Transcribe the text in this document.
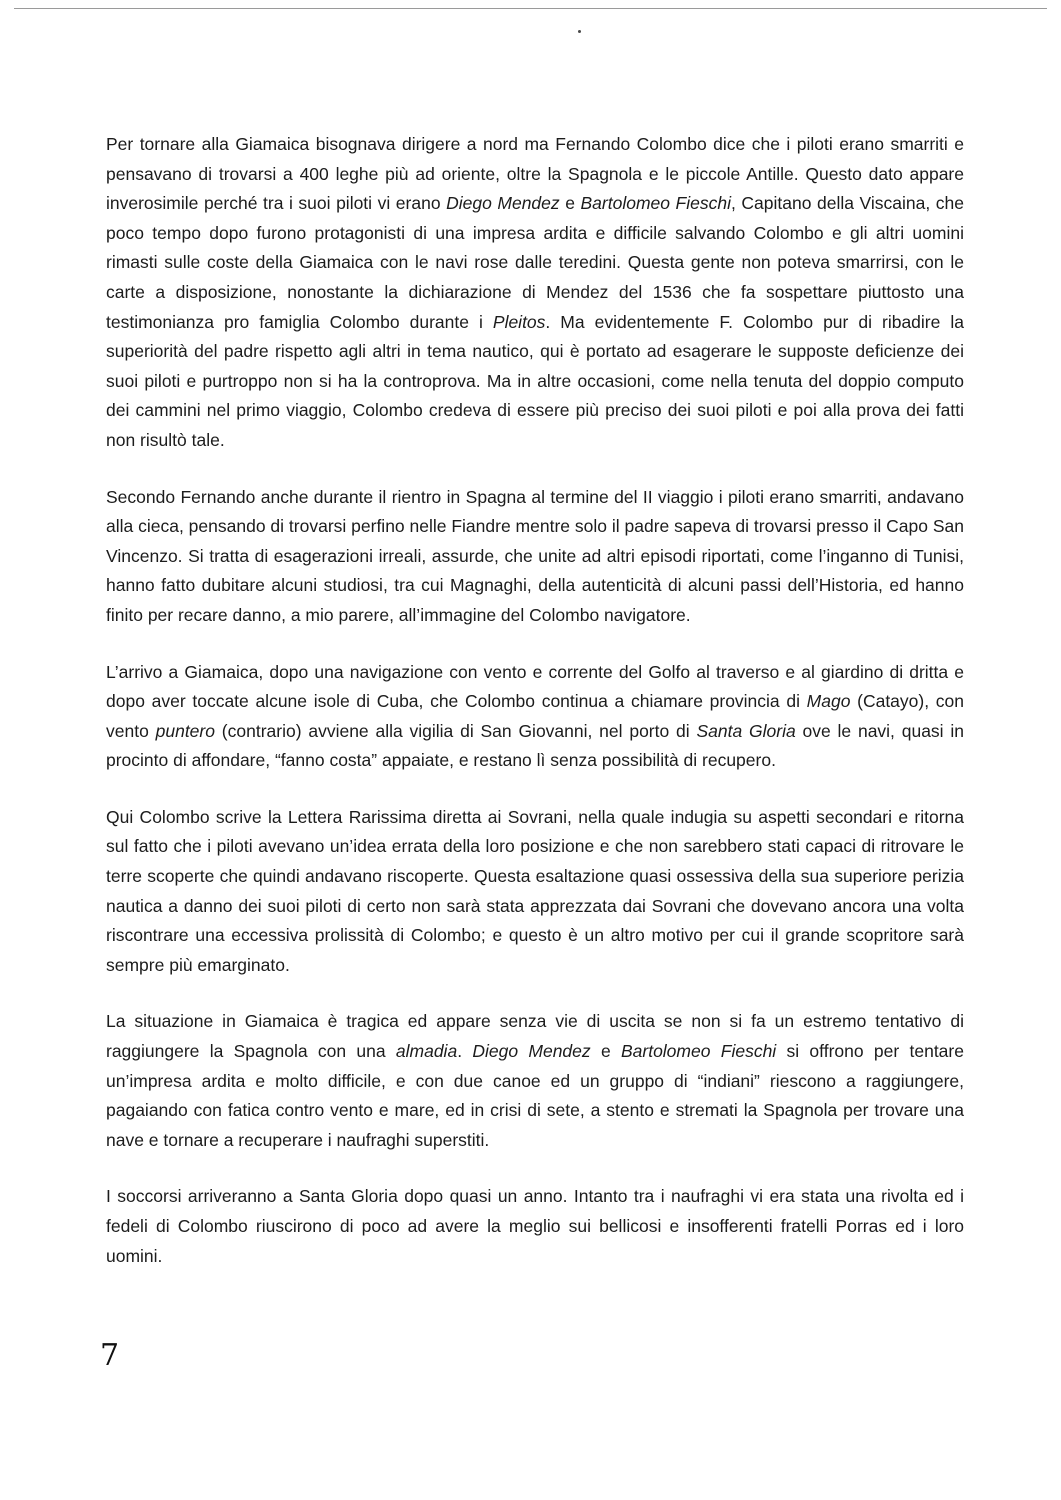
Per tornare alla Giamaica bisognava dirigere a nord ma Fernando Colombo dice che i piloti erano smarriti e pensavano di trovarsi a 400 leghe più ad oriente, oltre la Spagnola e le piccole Antille. Questo dato appare inverosimile perché tra i suoi piloti vi erano Diego Mendez e Bartolomeo Fieschi, Capitano della Viscaina, che poco tempo dopo furono protagonisti di una impresa ardita e difficile salvando Colombo e gli altri uomini rimasti sulle coste della Giamaica con le navi rose dalle teredini. Questa gente non poteva smarrirsi, con le carte a disposizione, nonostante la dichiarazione di Mendez del 1536 che fa sospettare piuttosto una testimonianza pro famiglia Colombo durante i Pleitos. Ma evidentemente F. Colombo pur di ribadire la superiorità del padre rispetto agli altri in tema nautico, qui è portato ad esagerare le supposte deficienze dei suoi piloti e purtroppo non si ha la controprova. Ma in altre occasioni, come nella tenuta del doppio computo dei cammini nel primo viaggio, Colombo credeva di essere più preciso dei suoi piloti e poi alla prova dei fatti non risultò tale.

Secondo Fernando anche durante il rientro in Spagna al termine del II viaggio i piloti erano smarriti, andavano alla cieca, pensando di trovarsi perfino nelle Fiandre mentre solo il padre sapeva di trovarsi presso il Capo San Vincenzo. Si tratta di esagerazioni irreali, assurde, che unite ad altri episodi riportati, come l’inganno di Tunisi, hanno fatto dubitare alcuni studiosi, tra cui Magnaghi, della autenticità di alcuni passi dell’Historia, ed hanno finito per recare danno, a mio parere, all’immagine del Colombo navigatore.

L’arrivo a Giamaica, dopo una navigazione con vento e corrente del Golfo al traverso e al giardino di dritta e dopo aver toccate alcune isole di Cuba, che Colombo continua a chiamare provincia di Mago (Catayo), con vento puntero (contrario) avviene alla vigilia di San Giovanni, nel porto di Santa Gloria ove le navi, quasi in procinto di affondare, “fanno costa” appaiate, e restano lì senza possibilità di recupero.

Qui Colombo scrive la Lettera Rarissima diretta ai Sovrani, nella quale indugia su aspetti secondari e ritorna sul fatto che i piloti avevano un’idea errata della loro posizione e che non sarebbero stati capaci di ritrovare le terre scoperte che quindi andavano riscoperte. Questa esaltazione quasi ossessiva della sua superiore perizia nautica a danno dei suoi piloti di certo non sarà stata apprezzata dai Sovrani che dovevano ancora una volta riscontrare una eccessiva prolissità di Colombo; e questo è un altro motivo per cui il grande scopritore sarà sempre più emarginato.

La situazione in Giamaica è tragica ed appare senza vie di uscita se non si fa un estremo tentativo di raggiungere la Spagnola con una almadia. Diego Mendez e Bartolomeo Fieschi si offrono per tentare un’impresa ardita e molto difficile, e con due canoe ed un gruppo di “indiani” riescono a raggiungere, pagaiando con fatica contro vento e mare, ed in crisi di sete, a stento e stremati la Spagnola per trovare una nave e tornare a recuperare i naufraghi superstiti.

I soccorsi arriveranno a Santa Gloria dopo quasi un anno. Intanto tra i naufraghi vi era stata una rivolta ed i fedeli di Colombo riuscirono di poco ad avere la meglio sui bellicosi e insofferenti fratelli Porras ed i loro uomini.

7
